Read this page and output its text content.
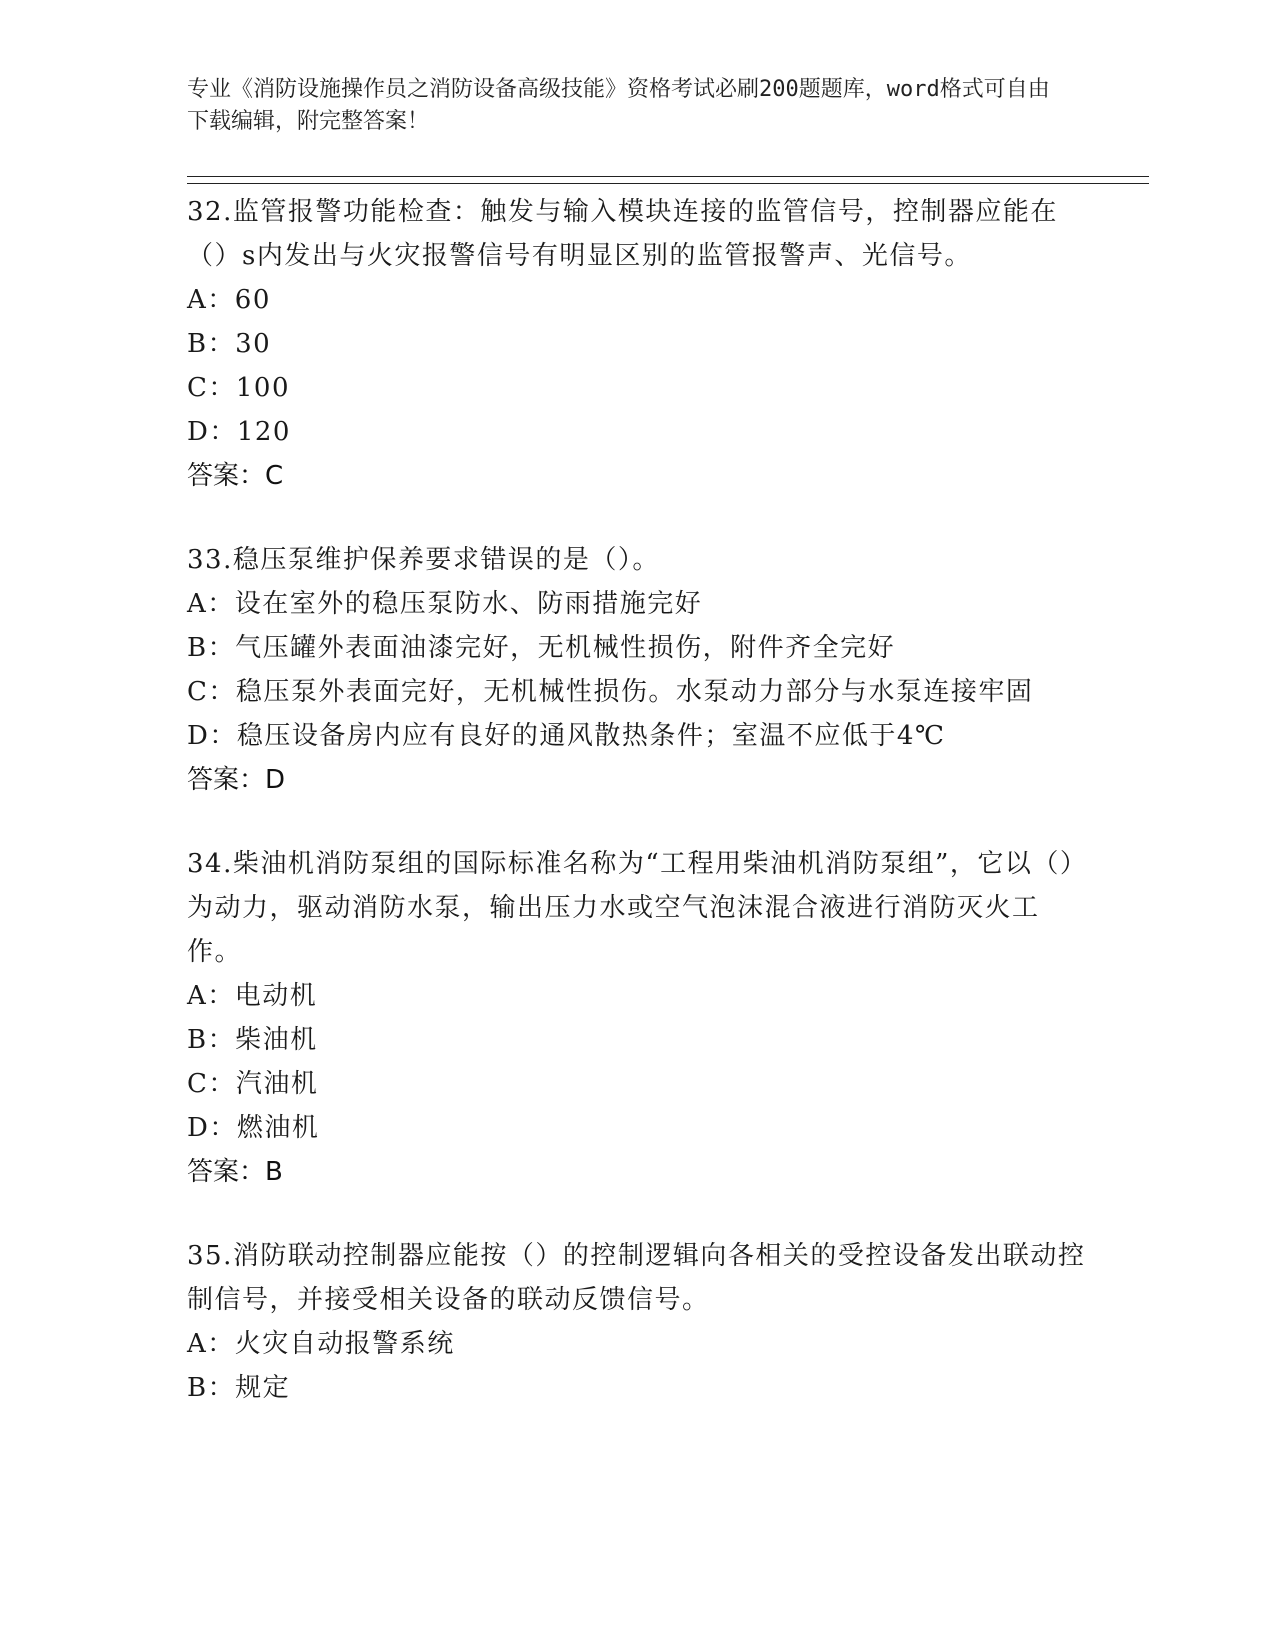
专业《消防设施操作员之消防设备高级技能》资格考试必刷200题题库，word格式可自由下载编辑，附完整答案！
32.监管报警功能检查：触发与输入模块连接的监管信号，控制器应能在（）s内发出与火灾报警信号有明显区别的监管报警声、光信号。
A：60
B：30
C：100
D：120
答案：C
33.稳压泵维护保养要求错误的是（）。
A：设在室外的稳压泵防水、防雨措施完好
B：气压罐外表面油漆完好，无机械性损伤，附件齐全完好
C：稳压泵外表面完好，无机械性损伤。水泵动力部分与水泵连接牢固
D：稳压设备房内应有良好的通风散热条件；室温不应低于4℃
答案：D
34.柴油机消防泵组的国际标准名称为“工程用柴油机消防泵组”，它以（）为动力，驱动消防水泵，输出压力水或空气泡沫混合液进行消防灭火工作。
A：电动机
B：柴油机
C：汽油机
D：燃油机
答案：B
35.消防联动控制器应能按（）的控制逻辑向各相关的受控设备发出联动控制信号，并接受相关设备的联动反馈信号。
A：火灾自动报警系统
B：规定
